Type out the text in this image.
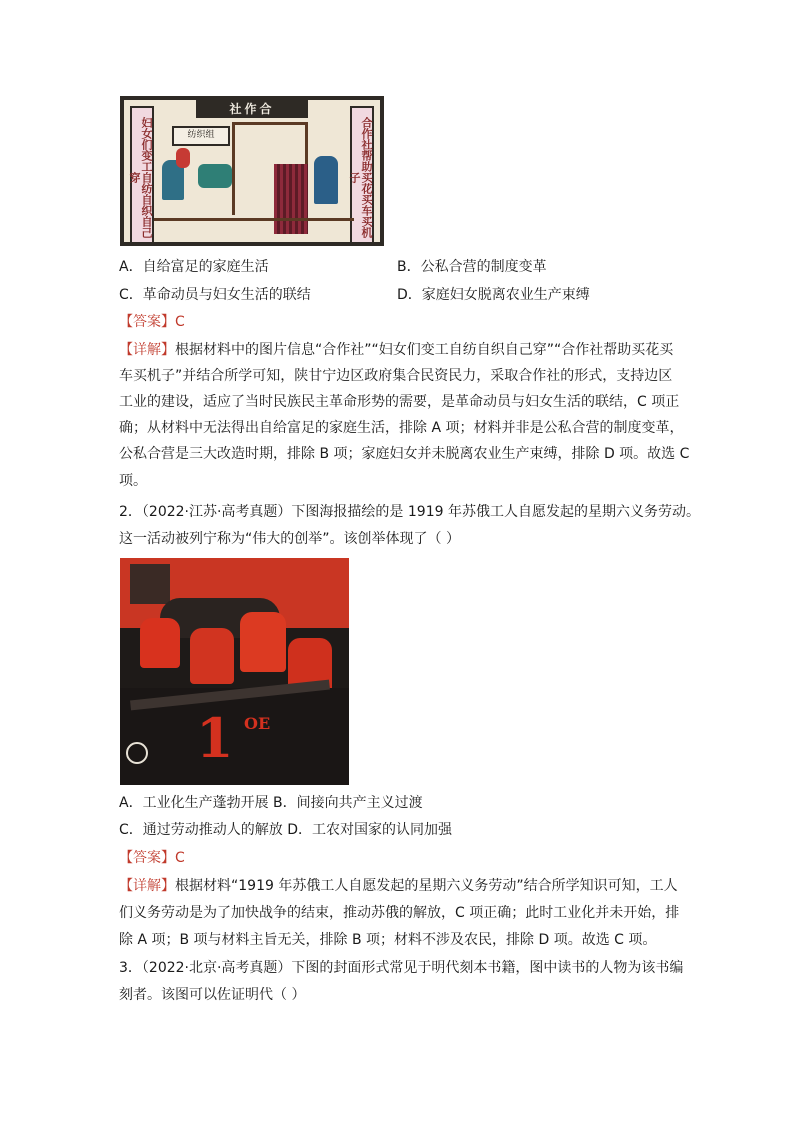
社作合
妇女们变工自纺自织自己穿	合作社帮助买花买车买机子
纺织组
A．自给富足的家庭生活	B．公私合营的制度变革
C．革命动员与妇女生活的联结	D．家庭妇女脱离农业生产束缚
【答案】C
【详解】根据材料中的图片信息“合作社”“妇女们变工自纺自织自己穿”“合作社帮助买花买
车买机子”并结合所学可知，陕甘宁边区政府集合民资民力，采取合作社的形式，支持边区
工业的建设，适应了当时民族民主革命形势的需要，是革命动员与妇女生活的联结，C 项正
确；从材料中无法得出自给富足的家庭生活，排除 A 项；材料并非是公私合营的制度变革，
公私合营是三大改造时期，排除 B 项；家庭妇女并未脱离农业生产束缚，排除 D 项。故选 C
项。
2．（2022·江苏·高考真题）下图海报描绘的是 1919 年苏俄工人自愿发起的星期六义务劳动。
这一活动被列宁称为“伟大的创举”。该创举体现了（ ）
1 OE
A．工业化生产蓬勃开展 B．间接向共产主义过渡
C．通过劳动推动人的解放 D．工农对国家的认同加强
【答案】C
【详解】根据材料“1919 年苏俄工人自愿发起的星期六义务劳动”结合所学知识可知，工人
们义务劳动是为了加快战争的结束，推动苏俄的解放，C 项正确；此时工业化并未开始，排
除 A 项；B 项与材料主旨无关，排除 B 项；材料不涉及农民，排除 D 项。故选 C 项。
3．（2022·北京·高考真题）下图的封面形式常见于明代刻本书籍，图中读书的人物为该书编
刻者。该图可以佐证明代（ ）
